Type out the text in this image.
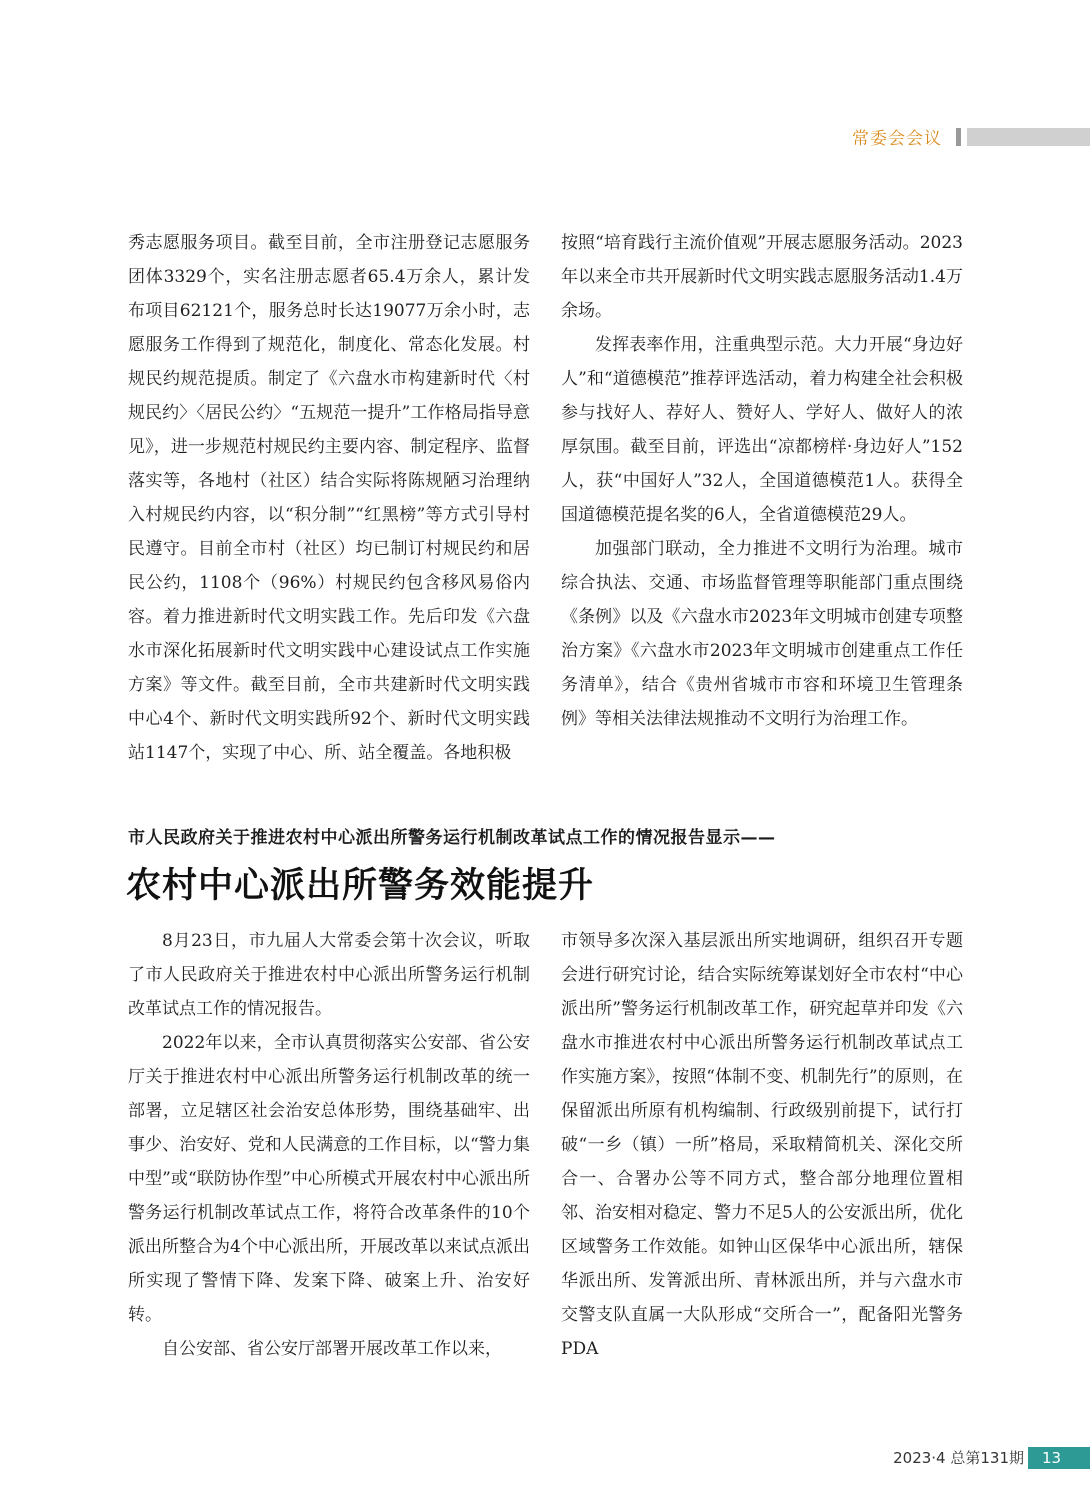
常委会会议

秀志愿服务项目。截至目前，全市注册登记志愿服务团体3329个，实名注册志愿者65.4万余人，累计发布项目62121个，服务总时长达19077万余小时，志愿服务工作得到了规范化，制度化、常态化发展。村规民约规范提质。制定了《六盘水市构建新时代〈村规民约〉〈居民公约〉“五规范一提升”工作格局指导意见》，进一步规范村规民约主要内容、制定程序、监督落实等，各地村（社区）结合实际将陈规陋习治理纳入村规民约内容，以“积分制”“红黑榜”等方式引导村民遵守。目前全市村（社区）均已制订村规民约和居民公约，1108个（96%）村规民约包含移风易俗内容。着力推进新时代文明实践工作。先后印发《六盘水市深化拓展新时代文明实践中心建设试点工作实施方案》等文件。截至目前，全市共建新时代文明实践中心4个、新时代文明实践所92个、新时代文明实践站1147个，实现了中心、所、站全覆盖。各地积极

按照“培育践行主流价值观”开展志愿服务活动。2023年以来全市共开展新时代文明实践志愿服务活动1.4万余场。

发挥表率作用，注重典型示范。大力开展“身边好人”和“道德模范”推荐评选活动，着力构建全社会积极参与找好人、荐好人、赞好人、学好人、做好人的浓厚氛围。截至目前，评选出“凉都榜样·身边好人”152人，获“中国好人”32人，全国道德模范1人。获得全国道德模范提名奖的6人，全省道德模范29人。

加强部门联动，全力推进不文明行为治理。城市综合执法、交通、市场监督管理等职能部门重点围绕《条例》以及《六盘水市2023年文明城市创建专项整治方案》《六盘水市2023年文明城市创建重点工作任务清单》，结合《贵州省城市市容和环境卫生管理条例》等相关法律法规推动不文明行为治理工作。

市人民政府关于推进农村中心派出所警务运行机制改革试点工作的情况报告显示——
农村中心派出所警务效能提升

8月23日，市九届人大常委会第十次会议，听取了市人民政府关于推进农村中心派出所警务运行机制改革试点工作的情况报告。

2022年以来，全市认真贯彻落实公安部、省公安厅关于推进农村中心派出所警务运行机制改革的统一部署，立足辖区社会治安总体形势，围绕基础牢、出事少、治安好、党和人民满意的工作目标，以“警力集中型”或“联防协作型”中心所模式开展农村中心派出所警务运行机制改革试点工作，将符合改革条件的10个派出所整合为4个中心派出所，开展改革以来试点派出所实现了警情下降、发案下降、破案上升、治安好转。

自公安部、省公安厅部署开展改革工作以来，

市领导多次深入基层派出所实地调研，组织召开专题会进行研究讨论，结合实际统筹谋划好全市农村“中心派出所”警务运行机制改革工作，研究起草并印发《六盘水市推进农村中心派出所警务运行机制改革试点工作实施方案》，按照“体制不变、机制先行”的原则，在保留派出所原有机构编制、行政级别前提下，试行打破“一乡（镇）一所”格局，采取精简机关、深化交所合一、合署办公等不同方式，整合部分地理位置相邻、治安相对稳定、警力不足5人的公安派出所，优化区域警务工作效能。如钟山区保华中心派出所，辖保华派出所、发箐派出所、青林派出所，并与六盘水市交警支队直属一大队形成“交所合一”，配备阳光警务PDA

2023·4 总第131期	13
